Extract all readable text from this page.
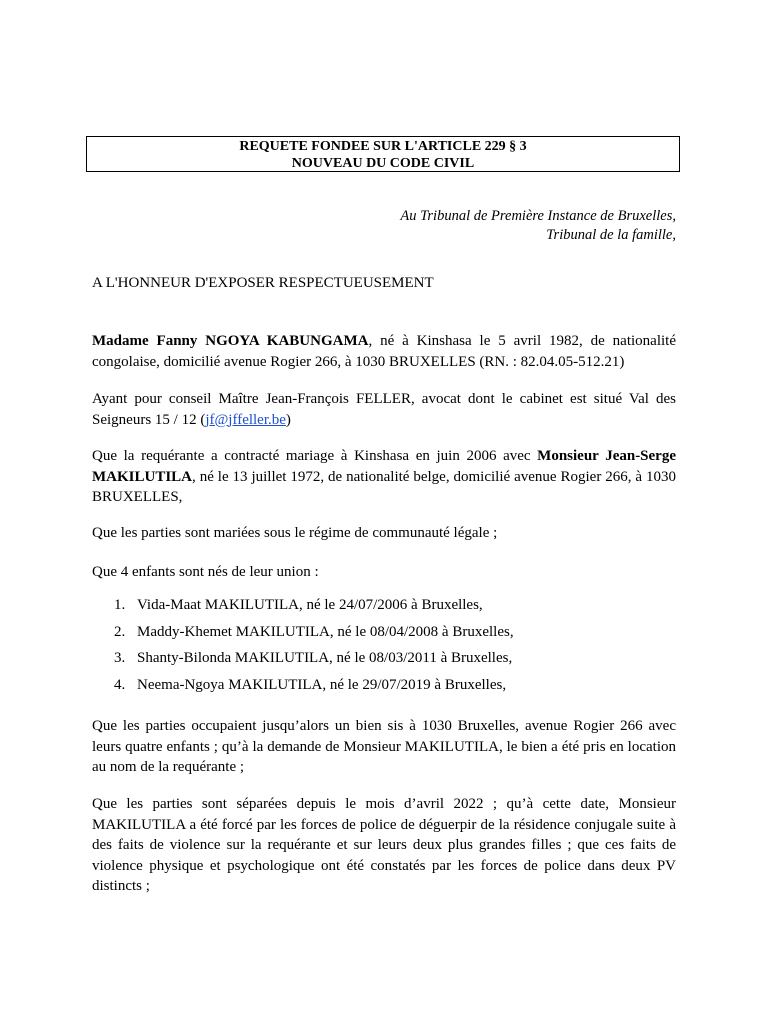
REQUETE FONDEE SUR L'ARTICLE 229 § 3
NOUVEAU DU CODE CIVIL
Au Tribunal de Première Instance de Bruxelles,
Tribunal de la famille,

A L'HONNEUR D'EXPOSER RESPECTUEUSEMENT

Madame Fanny NGOYA KABUNGAMA, né à Kinshasa le 5 avril 1982, de nationalité congolaise, domicilié avenue Rogier 266, à 1030 BRUXELLES (RN. : 82.04.05-512.21)

Ayant pour conseil Maître Jean-François FELLER, avocat dont le cabinet est situé Val des Seigneurs 15 / 12 (jf@jffeller.be)

Que la requérante a contracté mariage à Kinshasa en juin 2006 avec Monsieur Jean-Serge MAKILUTILA, né le 13 juillet 1972, de nationalité belge, domicilié avenue Rogier 266, à 1030 BRUXELLES,

Que les parties sont mariées sous le régime de communauté légale ;

Que 4 enfants sont nés de leur union :

1. Vida-Maat MAKILUTILA, né le 24/07/2006 à Bruxelles,
2. Maddy-Khemet MAKILUTILA, né le 08/04/2008 à Bruxelles,
3. Shanty-Bilonda MAKILUTILA, né le 08/03/2011 à Bruxelles,
4. Neema-Ngoya MAKILUTILA, né le 29/07/2019 à Bruxelles,

Que les parties occupaient jusqu’alors un bien sis à 1030 Bruxelles, avenue Rogier 266 avec leurs quatre enfants ; qu’à la demande de Monsieur MAKILUTILA, le bien a été pris en location au nom de la requérante ;

Que les parties sont séparées depuis le mois d’avril 2022 ; qu’à cette date, Monsieur MAKILUTILA a été forcé par les forces de police de déguerpir de la résidence conjugale suite à des faits de violence sur la requérante et sur leurs deux plus grandes filles ; que ces faits de violence physique et psychologique ont été constatés par les forces de police dans deux PV distincts ;
